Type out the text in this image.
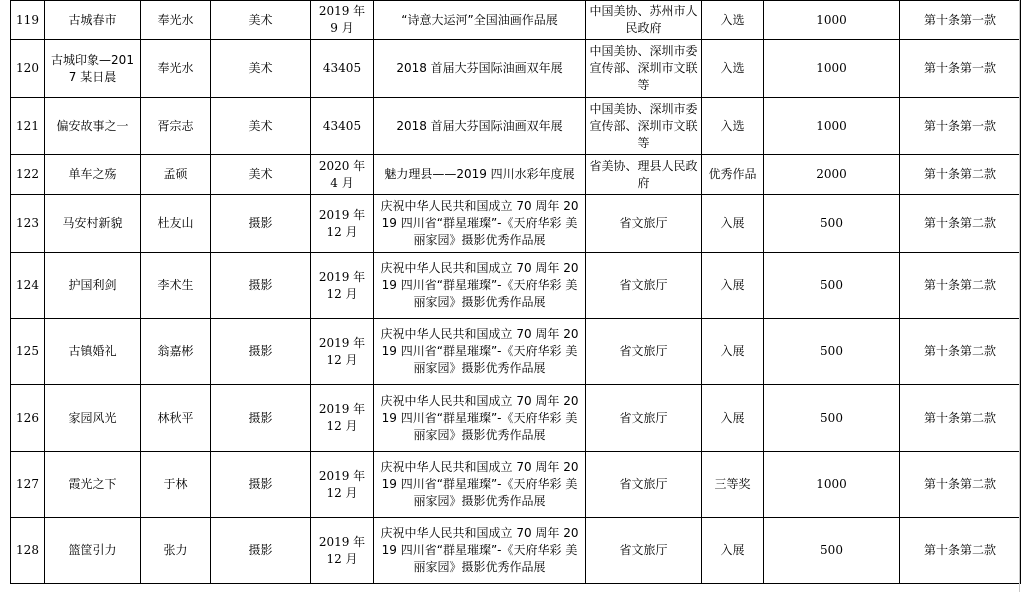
119	古城春市	奉光水	美术	2019 年 9 月	“诗意大运河”全国油画作品展	中国美协、苏州市人民政府	入选	1000	第十条第一款
120	古城印象—2017 某日晨	奉光水	美术	43405	2018 首届大芬国际油画双年展	中国美协、深圳市委宣传部、深圳市文联等	入选	1000	第十条第一款
121	偏安故事之一	胥宗志	美术	43405	2018 首届大芬国际油画双年展	中国美协、深圳市委宣传部、深圳市文联等	入选	1000	第十条第一款
122	单车之殇	孟硕	美术	2020 年 4 月	魅力理县——2019 四川水彩年度展	省美协、理县人民政府	优秀作品	2000	第十条第二款
123	马安村新貌	杜友山	摄影	2019 年 12 月	庆祝中华人民共和国成立 70 周年 2019 四川省“群星璀璨”-《天府华彩 美丽家园》摄影优秀作品展	省文旅厅	入展	500	第十条第二款
124	护国利剑	李术生	摄影	2019 年 12 月	庆祝中华人民共和国成立 70 周年 2019 四川省“群星璀璨”-《天府华彩 美丽家园》摄影优秀作品展	省文旅厅	入展	500	第十条第二款
125	古镇婚礼	翁嘉彬	摄影	2019 年 12 月	庆祝中华人民共和国成立 70 周年 2019 四川省“群星璀璨”-《天府华彩 美丽家园》摄影优秀作品展	省文旅厅	入展	500	第十条第二款
126	家园风光	林秋平	摄影	2019 年 12 月	庆祝中华人民共和国成立 70 周年 2019 四川省“群星璀璨”-《天府华彩 美丽家园》摄影优秀作品展	省文旅厅	入展	500	第十条第二款
127	霞光之下	于林	摄影	2019 年 12 月	庆祝中华人民共和国成立 70 周年 2019 四川省“群星璀璨”-《天府华彩 美丽家园》摄影优秀作品展	省文旅厅	三等奖	1000	第十条第二款
128	篮筐引力	张力	摄影	2019 年 12 月	庆祝中华人民共和国成立 70 周年 2019 四川省“群星璀璨”-《天府华彩 美丽家园》摄影优秀作品展	省文旅厅	入展	500	第十条第二款
